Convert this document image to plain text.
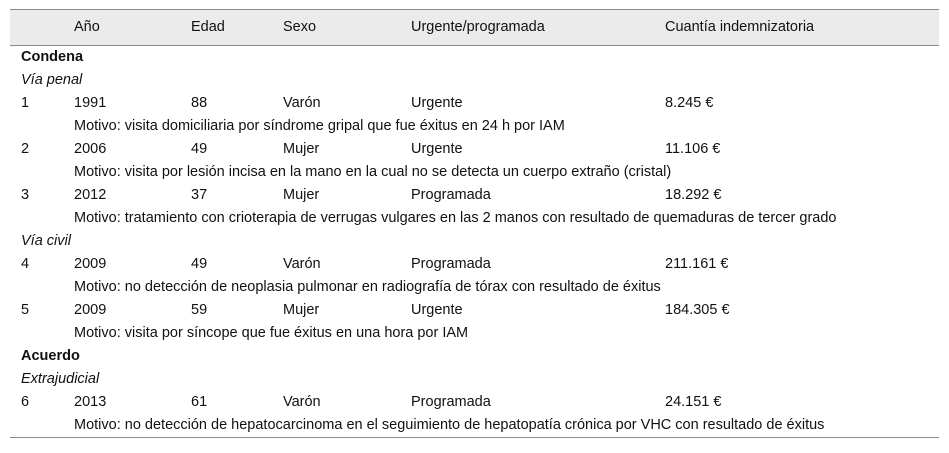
Año	Edad	Sexo	Urgente/programada	Cuantía indemnizatoria
Condena
Vía penal
1	1991	88	Varón	Urgente	8.245 €
Motivo: visita domiciliaria por síndrome gripal que fue éxitus en 24 h por IAM
2	2006	49	Mujer	Urgente	11.106 €
Motivo: visita por lesión incisa en la mano en la cual no se detecta un cuerpo extraño (cristal)
3	2012	37	Mujer	Programada	18.292 €
Motivo: tratamiento con crioterapia de verrugas vulgares en las 2 manos con resultado de quemaduras de tercer grado
Vía civil
4	2009	49	Varón	Programada	211.161 €
Motivo: no detección de neoplasia pulmonar en radiografía de tórax con resultado de éxitus
5	2009	59	Mujer	Urgente	184.305 €
Motivo: visita por síncope que fue éxitus en una hora por IAM
Acuerdo
Extrajudicial
6	2013	61	Varón	Programada	24.151 €
Motivo: no detección de hepatocarcinoma en el seguimiento de hepatopatía crónica por VHC con resultado de éxitus
